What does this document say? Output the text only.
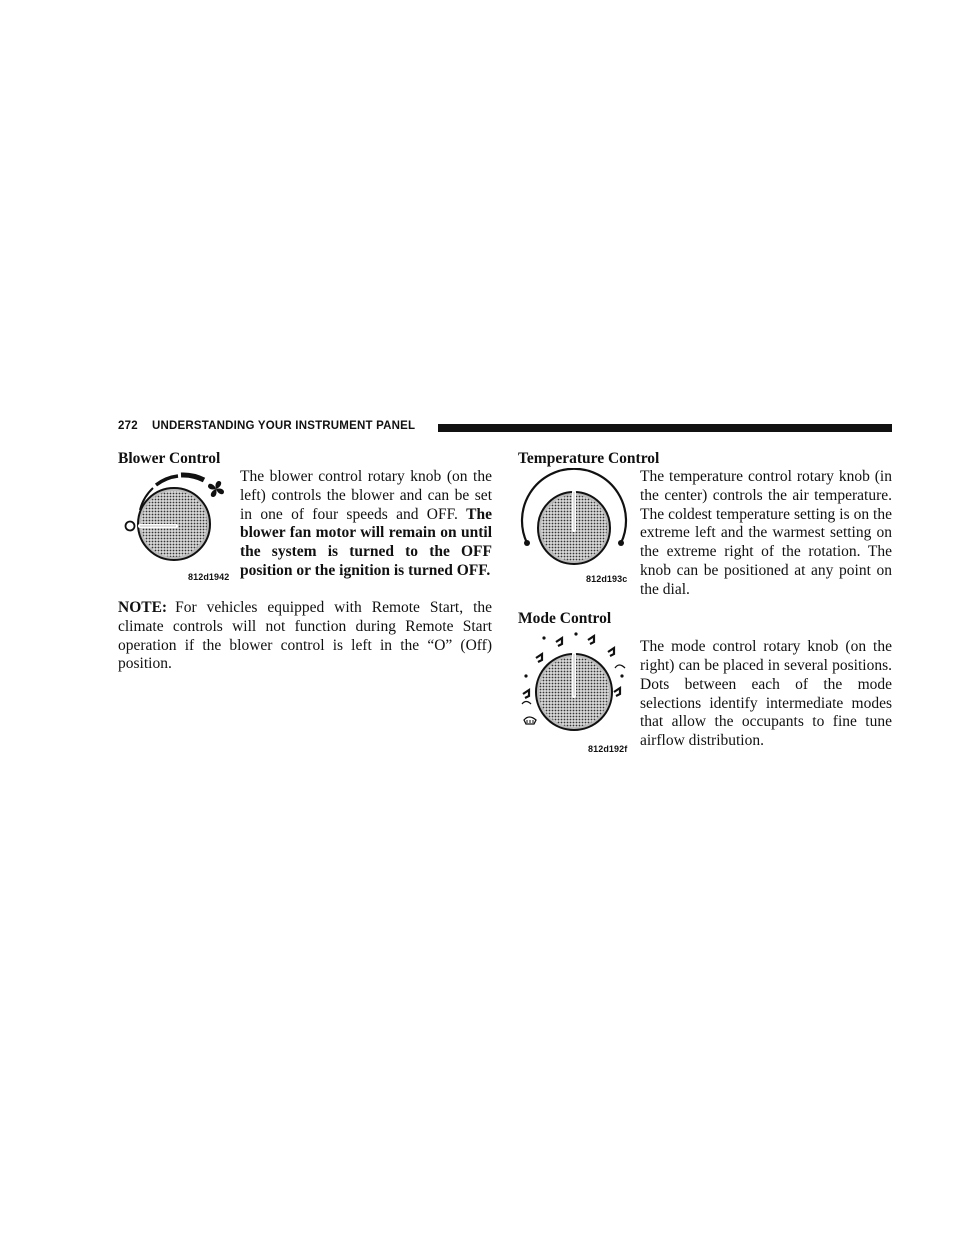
272 UNDERSTANDING YOUR INSTRUMENT PANEL
Blower Control
812d1942

The blower control rotary knob (on the left) controls the blower and can be set in one of four speeds and OFF. The blower fan motor will remain on until the system is turned to the OFF position or the ignition is turned OFF.

NOTE: For vehicles equipped with Remote Start, the climate controls will not function during Remote Start operation if the blower control is left in the “O” (Off) position.

Temperature Control
812d193c

The temperature control rotary knob (in the center) controls the air temperature. The coldest temperature setting is on the extreme left and the warmest setting on the extreme right of the rotation. The knob can be positioned at any point on the dial.

Mode Control
812d192f

The mode control rotary knob (on the right) can be placed in several positions. Dots between each of the mode selections identify intermediate modes that allow the occupants to fine tune airflow distribution.
